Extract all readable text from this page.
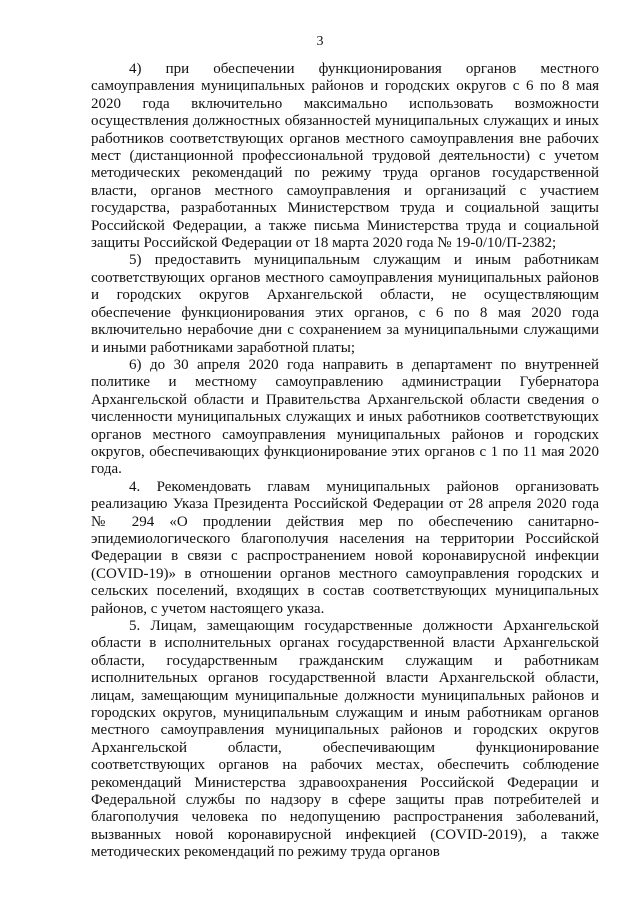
3

4) при обеспечении функционирования органов местного самоуправления муниципальных районов и городских округов с 6 по 8 мая 2020 года включительно максимально использовать возможности осуществления должностных обязанностей муниципальных служащих и иных работников соответствующих органов местного самоуправления вне рабочих мест (дистанционной профессиональной трудовой деятельности) с учетом методических рекомендаций по режиму труда органов государственной власти, органов местного самоуправления и организаций с участием государства, разработанных Министерством труда и социальной защиты Российской Федерации, а также письма Министерства труда и социальной защиты Российской Федерации от 18 марта 2020 года № 19-0/10/П-2382;

5) предоставить муниципальным служащим и иным работникам соответствующих органов местного самоуправления муниципальных районов и городских округов Архангельской области, не осуществляющим обеспечение функционирования этих органов, с 6 по 8 мая 2020 года включительно нерабочие дни с сохранением за муниципальными служащими и иными работниками заработной платы;

6) до 30 апреля 2020 года направить в департамент по внутренней политике и местному самоуправлению администрации Губернатора Архангельской области и Правительства Архангельской области сведения о численности муниципальных служащих и иных работников соответствующих органов местного самоуправления муниципальных районов и городских округов, обеспечивающих функционирование этих органов с 1 по 11 мая 2020 года.

4. Рекомендовать главам муниципальных районов организовать реализацию Указа Президента Российской Федерации от 28 апреля 2020 года № 294 «О продлении действия мер по обеспечению санитарно-эпидемиологического благополучия населения на территории Российской Федерации в связи с распространением новой коронавирусной инфекции (COVID-19)» в отношении органов местного самоуправления городских и сельских поселений, входящих в состав соответствующих муниципальных районов, с учетом настоящего указа.

5. Лицам, замещающим государственные должности Архангельской области в исполнительных органах государственной власти Архангельской области, государственным гражданским служащим и работникам исполнительных органов государственной власти Архангельской области, лицам, замещающим муниципальные должности муниципальных районов и городских округов, муниципальным служащим и иным работникам органов местного самоуправления муниципальных районов и городских округов Архангельской области, обеспечивающим функционирование соответствующих органов на рабочих местах, обеспечить соблюдение рекомендаций Министерства здравоохранения Российской Федерации и Федеральной службы по надзору в сфере защиты прав потребителей и благополучия человека по недопущению распространения заболеваний, вызванных новой коронавирусной инфекцией (COVID-2019), а также методических рекомендаций по режиму труда органов
